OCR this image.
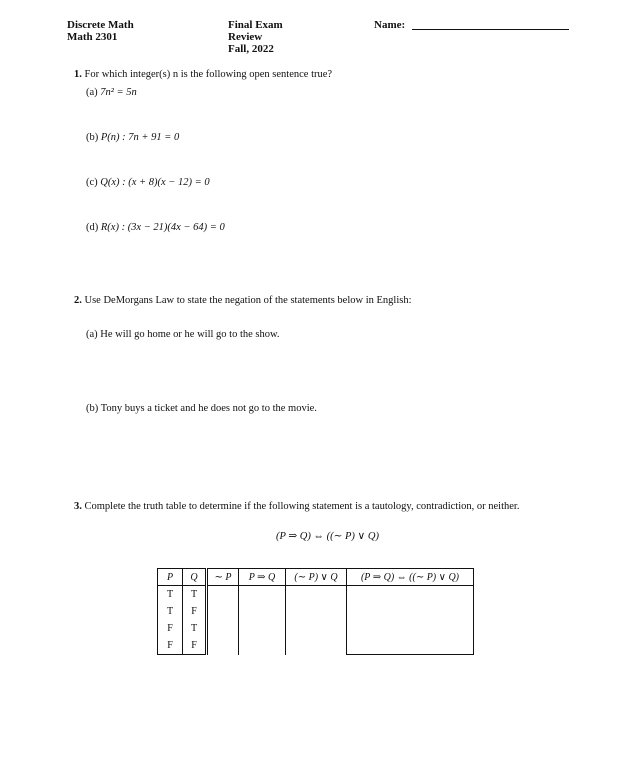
Discrete Math
Math 2301
Final Exam
Review
Fall, 2022
Name:
1. For which integer(s) n is the following open sentence true?
(a) 7n² = 5n
(b) P(n) : 7n + 91 = 0
(c) Q(x) : (x + 8)(x − 12) = 0
(d) R(x) : (3x − 21)(4x − 64) = 0
2. Use DeMorgans Law to state the negation of the statements below in English:
(a) He will go home or he will go to the show.
(b) Tony buys a ticket and he does not go to the movie.
3. Complete the truth table to determine if the following statement is a tautology, contradiction, or neither.
(P ⇒ Q) ⇔ ((∼ P) ∨ Q)
P	Q	∼ P	P ⇒ Q	(∼ P) ∨ Q	(P ⇒ Q) ⇔ ((∼ P) ∨ Q)
T	T				
T	F				
F	T				
F	F				
